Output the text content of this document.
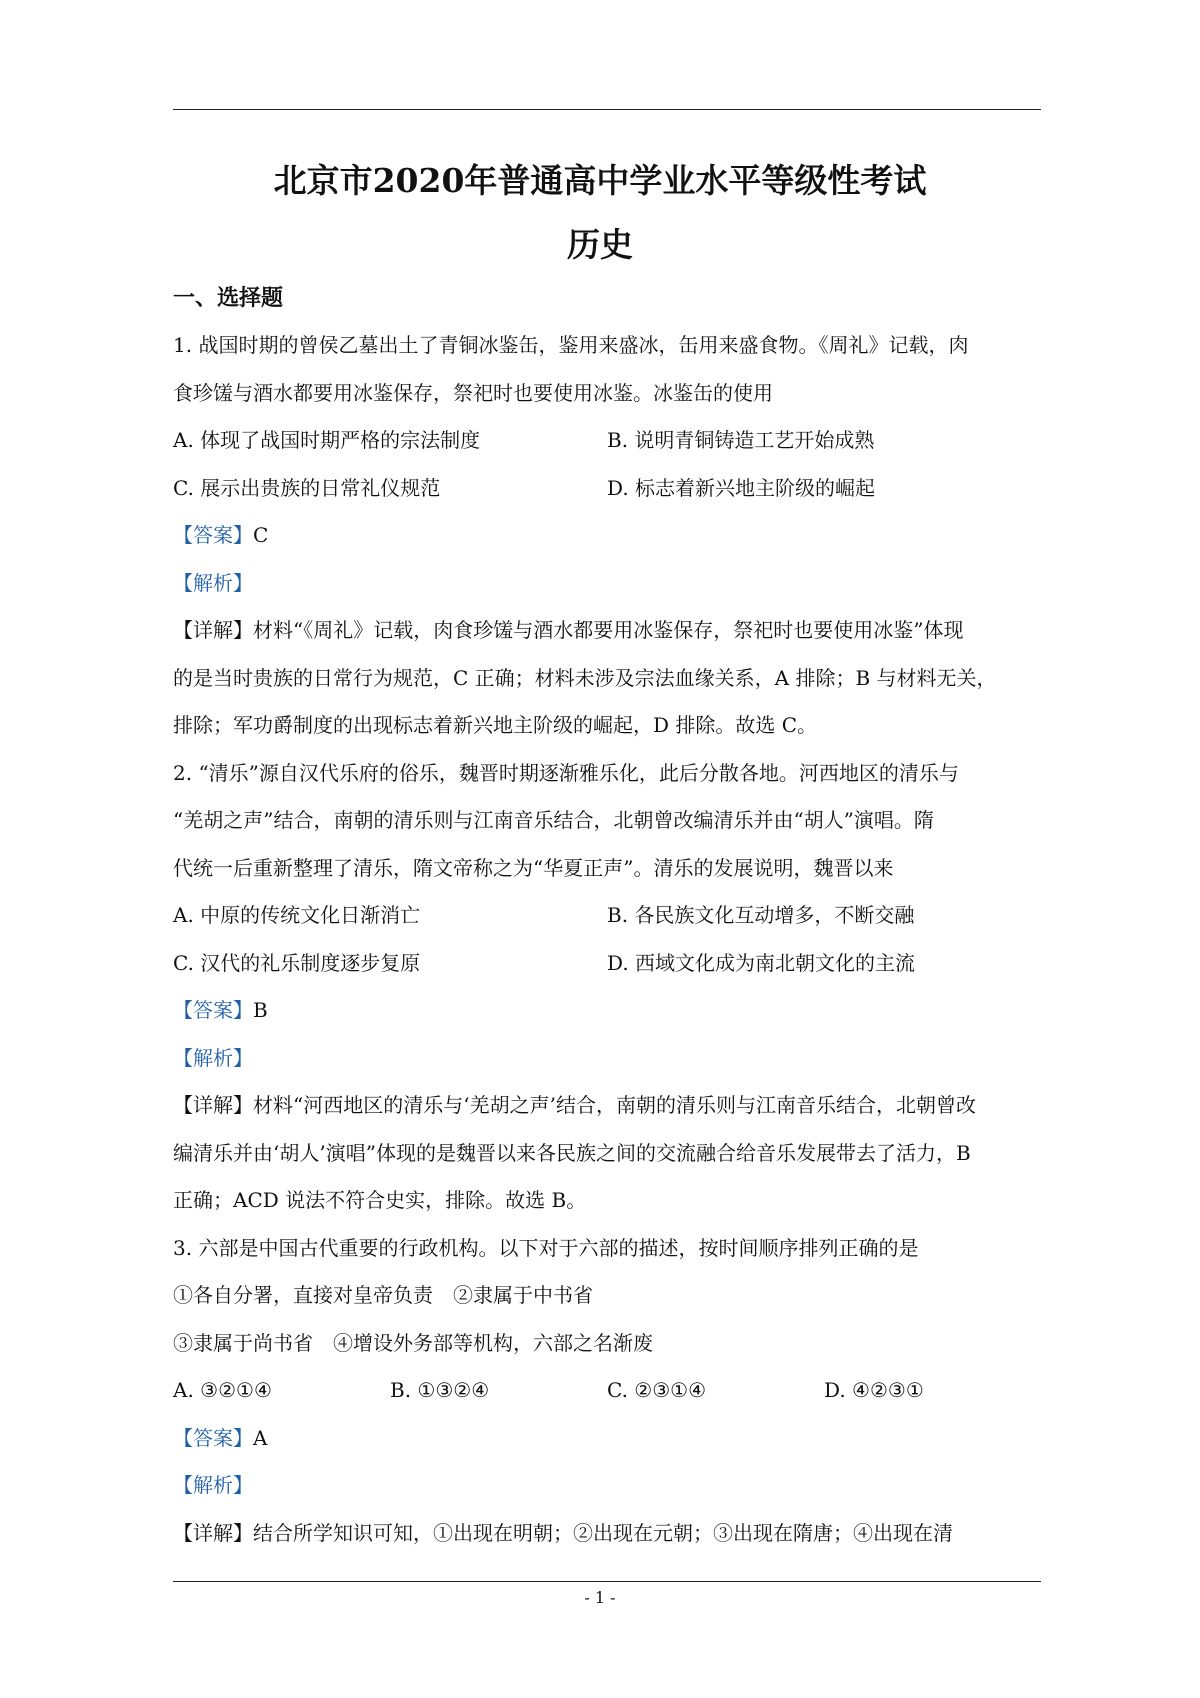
北京市2020年普通高中学业水平等级性考试
历史
一、选择题
1. 战国时期的曾侯乙墓出土了青铜冰鉴缶，鉴用来盛冰，缶用来盛食物。《周礼》记载，肉
食珍馐与酒水都要用冰鉴保存，祭祀时也要使用冰鉴。冰鉴缶的使用
A. 体现了战国时期严格的宗法制度	B. 说明青铜铸造工艺开始成熟
C. 展示出贵族的日常礼仪规范	D. 标志着新兴地主阶级的崛起
【答案】C
【解析】
【详解】材料“《周礼》记载，肉食珍馐与酒水都要用冰鉴保存，祭祀时也要使用冰鉴”体现
的是当时贵族的日常行为规范，C 正确；材料未涉及宗法血缘关系，A 排除；B 与材料无关，
排除；军功爵制度的出现标志着新兴地主阶级的崛起，D 排除。故选 C。
2. “清乐”源自汉代乐府的俗乐，魏晋时期逐渐雅乐化，此后分散各地。河西地区的清乐与
“羌胡之声”结合，南朝的清乐则与江南音乐结合，北朝曾改编清乐并由“胡人”演唱。隋
代统一后重新整理了清乐，隋文帝称之为“华夏正声”。清乐的发展说明，魏晋以来
A. 中原的传统文化日渐消亡	B. 各民族文化互动增多，不断交融
C. 汉代的礼乐制度逐步复原	D. 西域文化成为南北朝文化的主流
【答案】B
【解析】
【详解】材料“河西地区的清乐与‘羌胡之声’结合，南朝的清乐则与江南音乐结合，北朝曾改
编清乐并由‘胡人’演唱”体现的是魏晋以来各民族之间的交流融合给音乐发展带去了活力，B
正确；ACD 说法不符合史实，排除。故选 B。
3. 六部是中国古代重要的行政机构。以下对于六部的描述，按时间顺序排列正确的是
①各自分署，直接对皇帝负责　②隶属于中书省
③隶属于尚书省　④增设外务部等机构，六部之名渐废
A. ③②①④	B. ①③②④	C. ②③①④	D. ④②③①
【答案】A
【解析】
【详解】结合所学知识可知，①出现在明朝；②出现在元朝；③出现在隋唐；④出现在清
- 1 -
